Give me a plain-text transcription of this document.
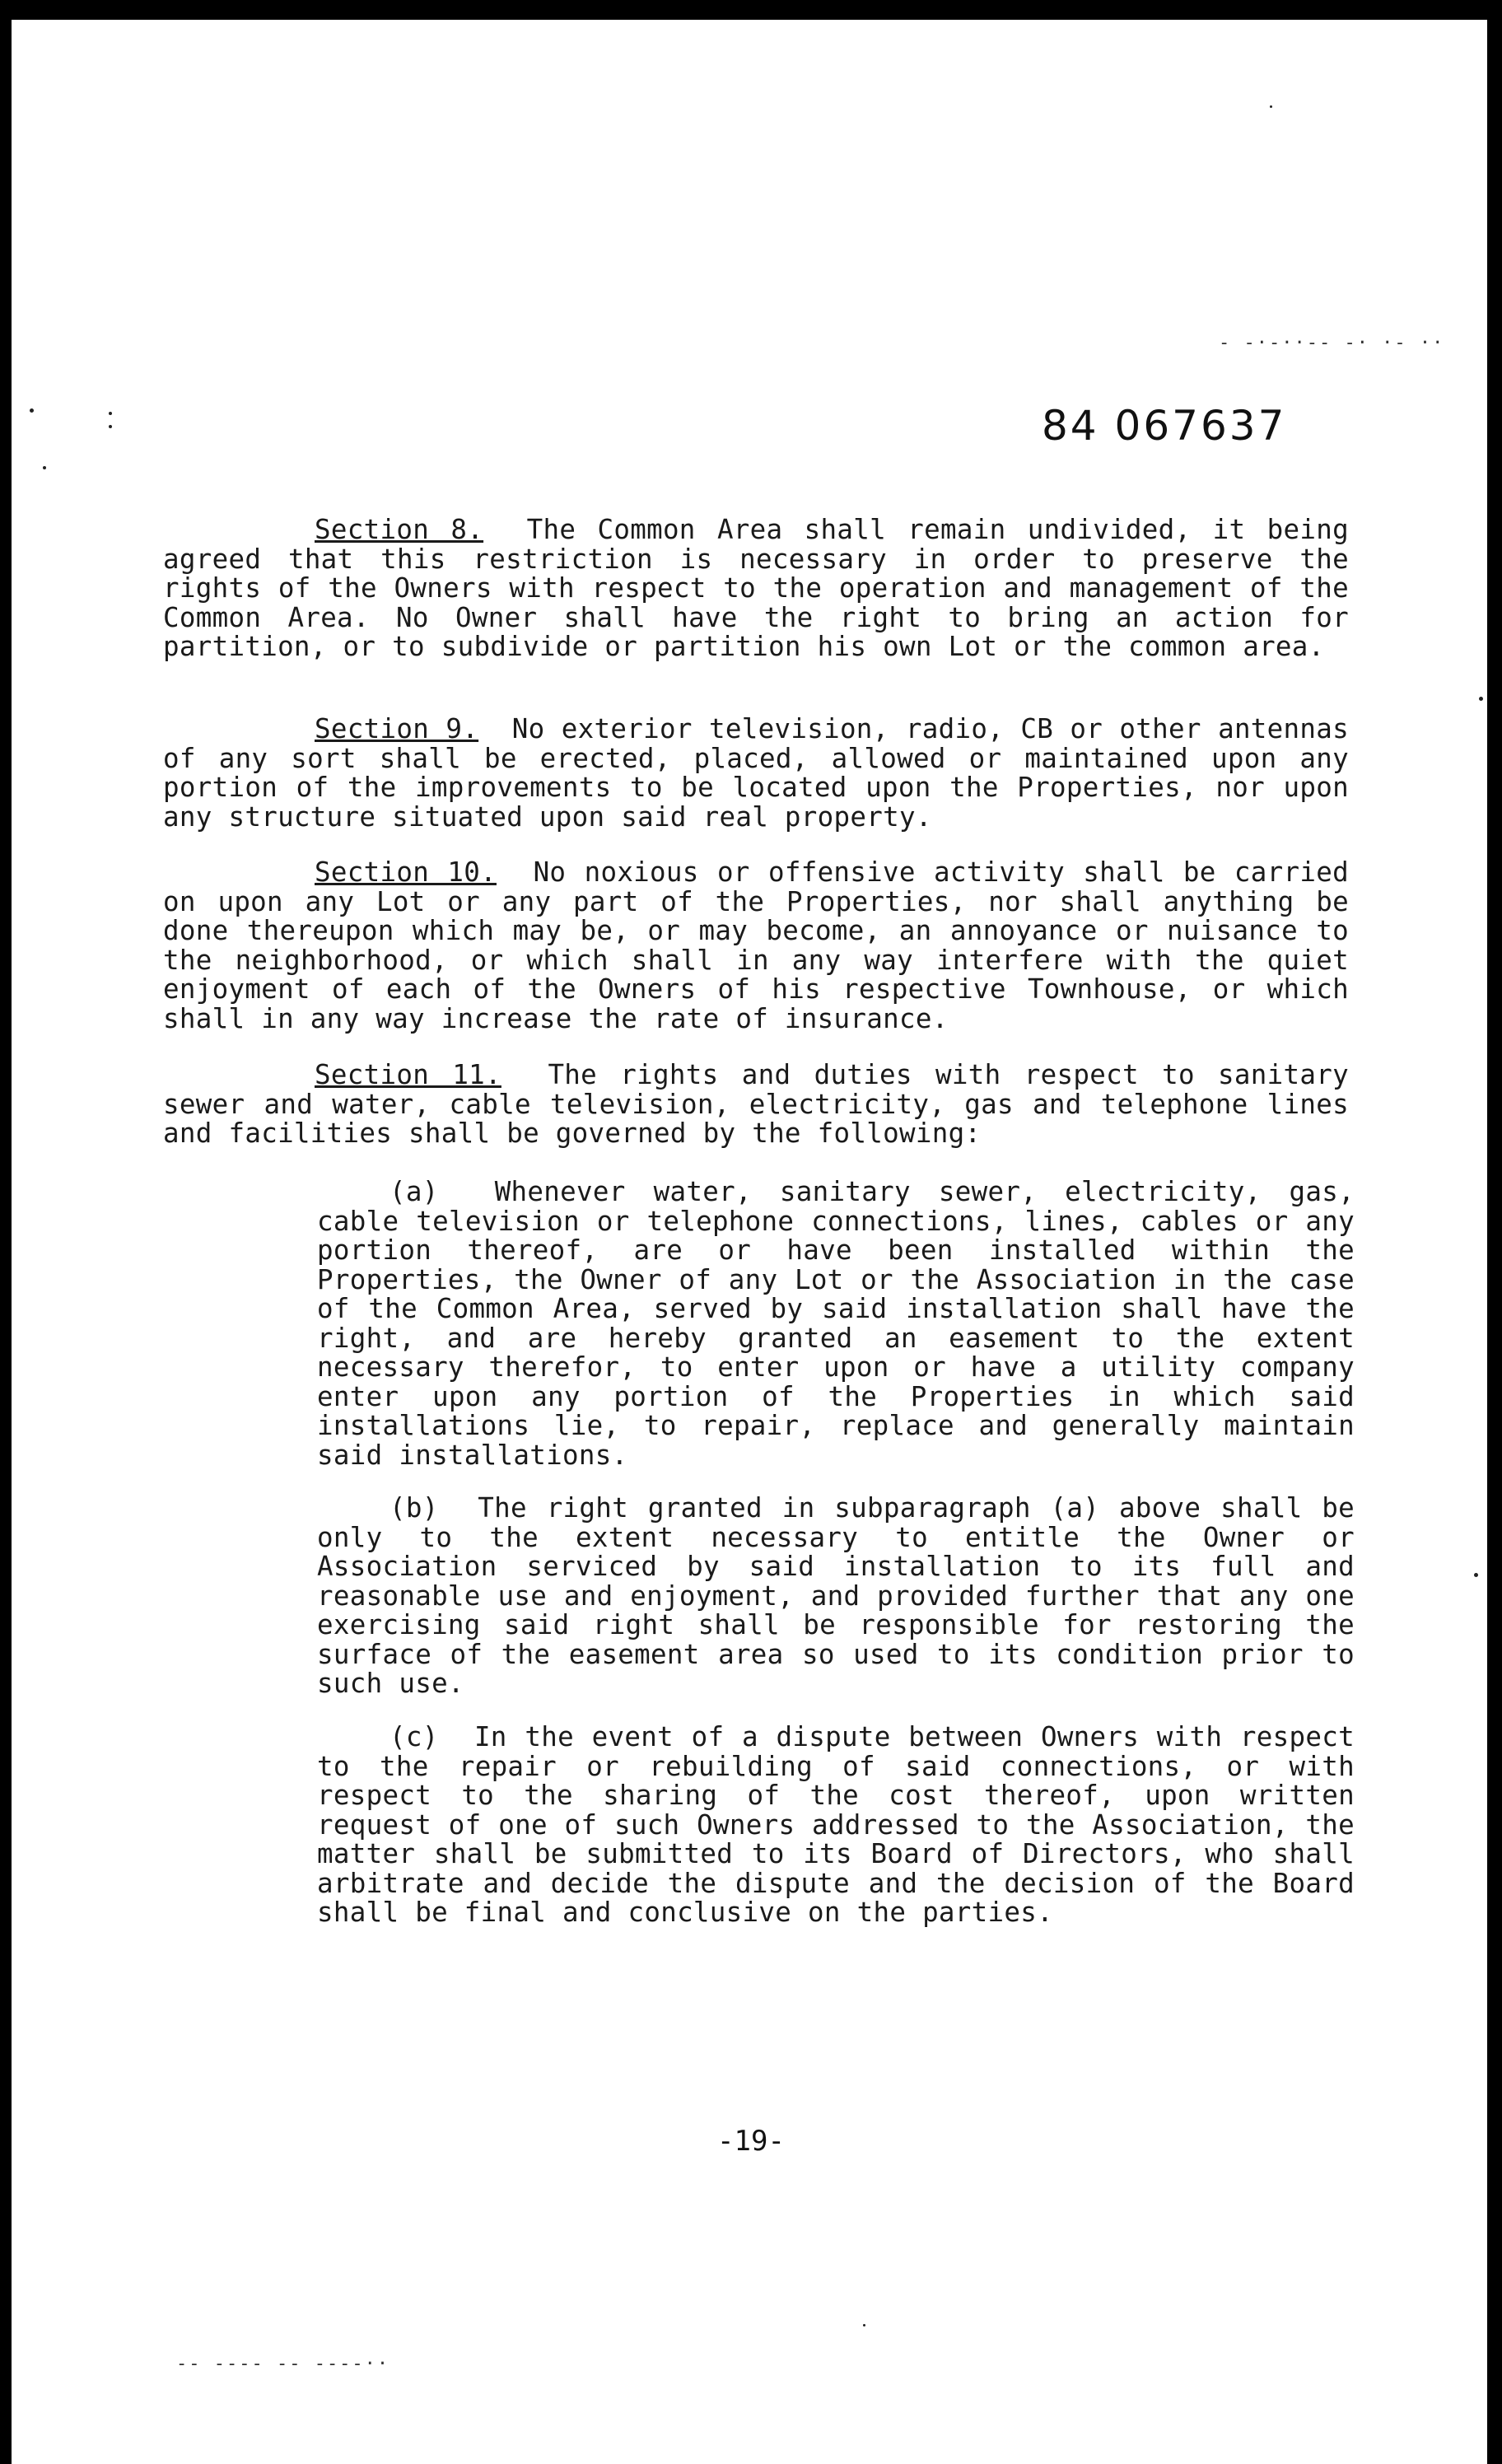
- -·-··-- -· ·- ··
-- ---- -- ----··
84 067637

Section 8. The Common Area shall remain undivided, it being agreed that this restriction is necessary in order to preserve the rights of the Owners with respect to the operation and management of the Common Area. No Owner shall have the right to bring an action for partition, or to subdivide or partition his own Lot or the common area.

Section 9. No exterior television, radio, CB or other antennas of any sort shall be erected, placed, allowed or maintained upon any portion of the improvements to be located upon the Properties, nor upon any structure situated upon said real property.

Section 10. No noxious or offensive activity shall be carried on upon any Lot or any part of the Properties, nor shall anything be done thereupon which may be, or may become, an annoyance or nuisance to the neighborhood, or which shall in any way interfere with the quiet enjoyment of each of the Owners of his respective Townhouse, or which shall in any way increase the rate of insurance.

Section 11. The rights and duties with respect to sanitary sewer and water, cable television, electricity, gas and telephone lines and facilities shall be governed by the following:

(a) Whenever water, sanitary sewer, electricity, gas, cable television or telephone connections, lines, cables or any portion thereof, are or have been installed within the Properties, the Owner of any Lot or the Association in the case of the Common Area, served by said installation shall have the right, and are hereby granted an easement to the extent necessary therefor, to enter upon or have a utility company enter upon any portion of the Properties in which said installations lie, to repair, replace and generally maintain said installations.

(b) The right granted in subparagraph (a) above shall be only to the extent necessary to entitle the Owner or Association serviced by said installation to its full and reasonable use and enjoyment, and provided further that any one exercising said right shall be responsible for restoring the surface of the easement area so used to its condition prior to such use.

(c) In the event of a dispute between Owners with respect to the repair or rebuilding of said connections, or with respect to the sharing of the cost thereof, upon written request of one of such Owners addressed to the Association, the matter shall be submitted to its Board of Directors, who shall arbitrate and decide the dispute and the decision of the Board shall be final and conclusive on the parties.

-19-
